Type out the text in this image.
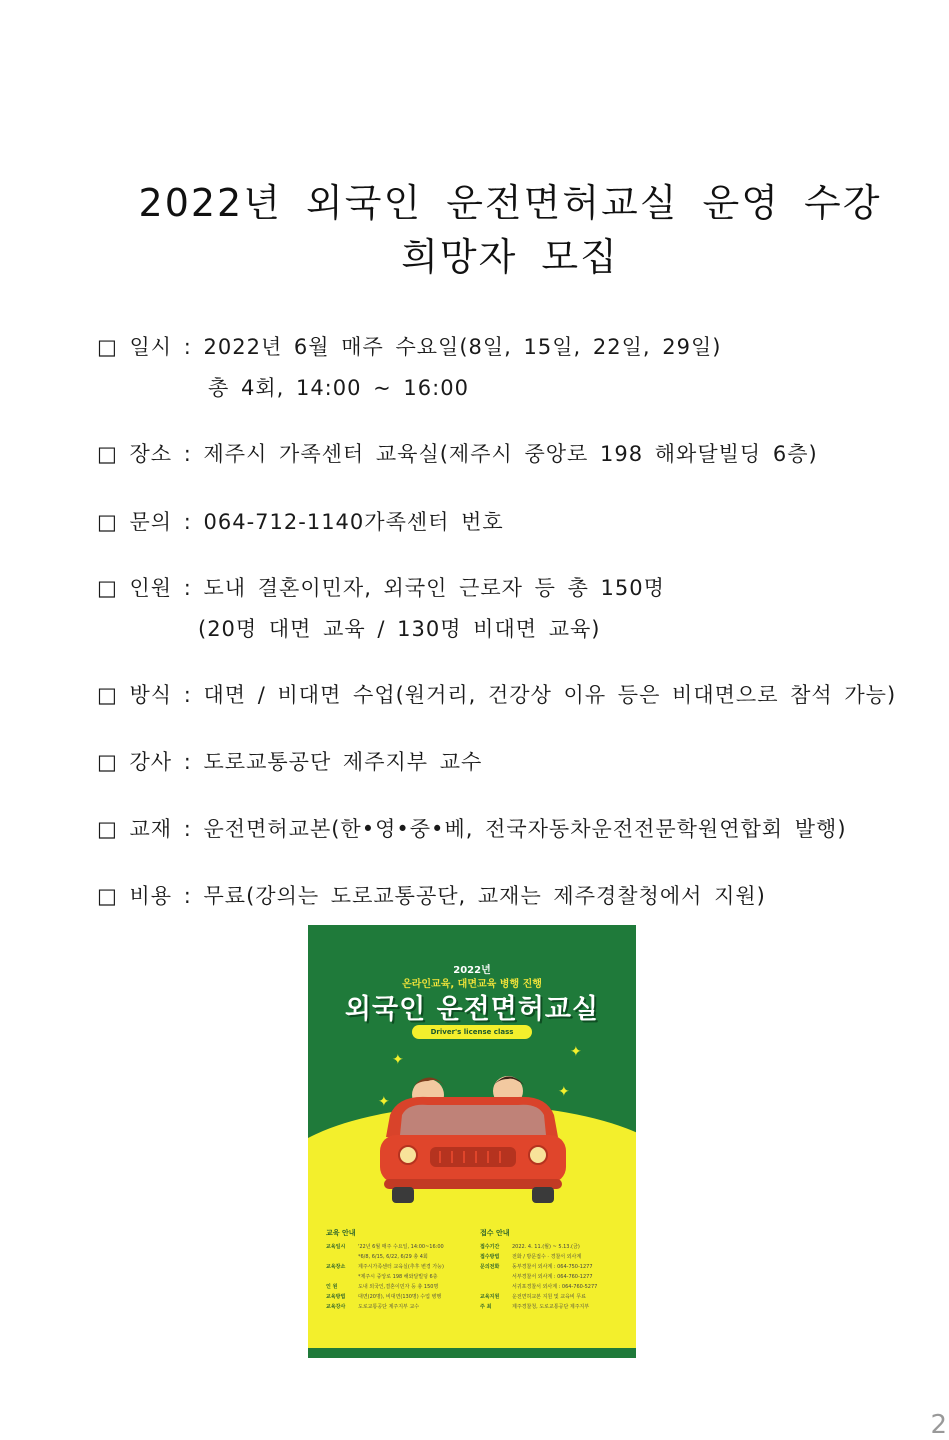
2022년 외국인 운전면허교실 운영 수강
희망자 모집
□ 일시 : 2022년 6월 매주 수요일(8일, 15일, 22일, 29일)
총 4회, 14:00 ~ 16:00
□ 장소 : 제주시 가족센터 교육실(제주시 중앙로 198 해와달빌딩 6층)
□ 문의 : 064-712-1140가족센터 번호
□ 인원 : 도내 결혼이민자, 외국인 근로자 등 총 150명
(20명 대면 교육 / 130명 비대면 교육)
□ 방식 : 대면 / 비대면 수업(원거리, 건강상 이유 등은 비대면으로 참석 가능)
□ 강사 : 도로교통공단 제주지부 교수
□ 교재 : 운전면허교본(한•영•중•베, 전국자동차운전전문학원연합회 발행)
□ 비용 : 무료(강의는 도로교통공단, 교재는 제주경찰청에서 지원)
2022년
온라인교육, 대면교육 병행 진행
외국인 운전면허교실
Driver's license class
✦	✦
✦
✦
교육 안내
교육일시	'22년 6월 매주 수요일, 14:00~16:00
*6/8, 6/15, 6/22, 6/29 총 4회
교육장소	제주시가족센터 교육실(추후 변경 가능)
*제주시 중앙로 198 해와달빌딩 6층
인 원	도내 외국인,결혼이민자 등 총 150명
교육방법	대면(20명), 비대면(130명) 수업 병행
교육강사	도로교통공단 제주지부 교수
접수 안내
접수기간	2022. 4. 11.(월) ~ 5.13.(금)
접수방법	전화 / 방문접수 · 경찰서 외사계
문의전화	동부경찰서 외사계 : 064-750-1277
서부경찰서 외사계 : 064-760-1277
서귀포경찰서 외사계 : 064-760-5277
교육지원	운전면허교본 지원 및 교육비 무료
주 최	제주경찰청, 도로교통공단 제주지부
2
